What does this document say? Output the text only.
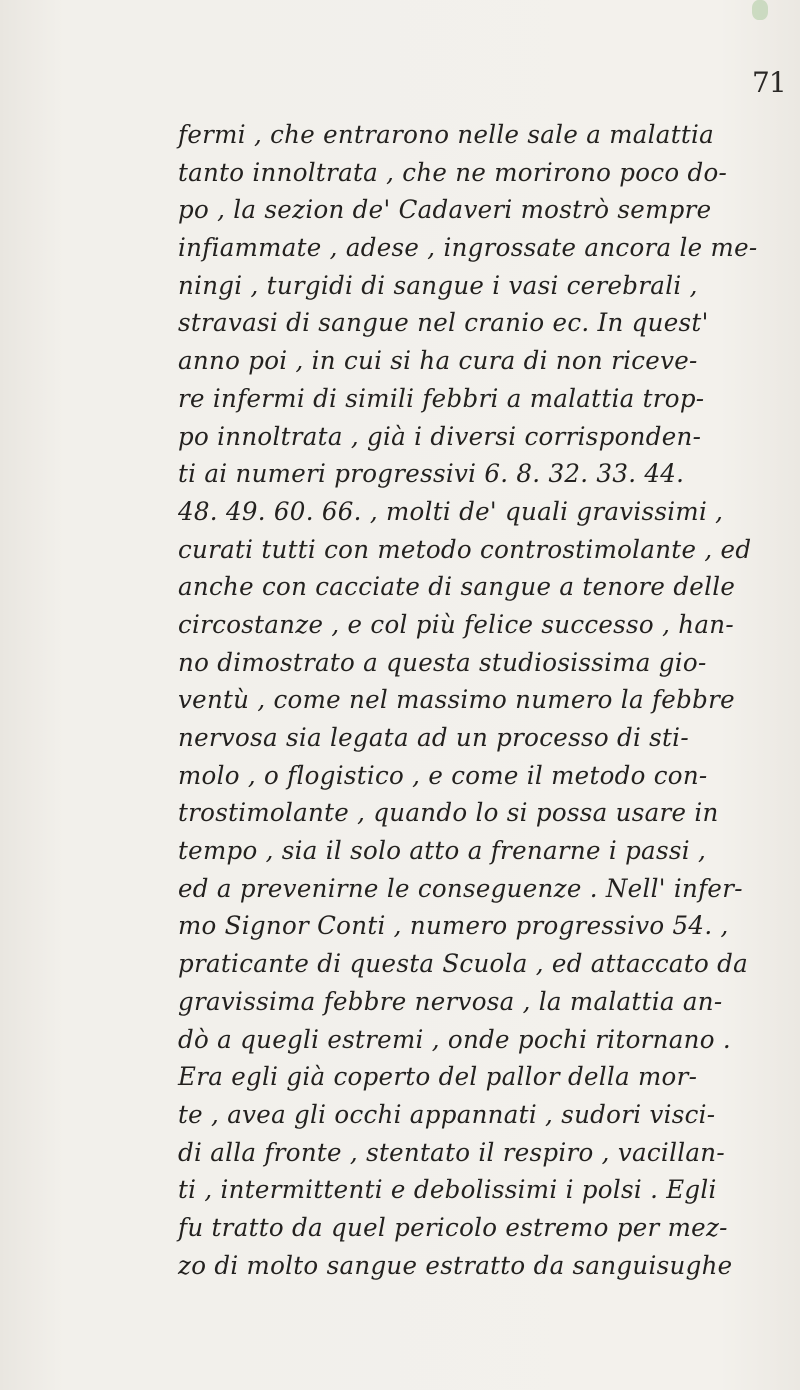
71
fermi , che entrarono nelle sale a malattia
tanto innoltrata , che ne morirono poco do-
po , la sezion de' Cadaveri mostrò sempre
infiammate , adese , ingrossate ancora le me-
ningi , turgidi di sangue i vasi cerebrali ,
stravasi di sangue nel cranio ec. In quest'
anno poi , in cui si ha cura di non riceve-
re infermi di simili febbri a malattia trop-
po innoltrata , già i diversi corrisponden-
ti ai numeri progressivi 6. 8. 32. 33. 44.
48. 49. 60. 66. , molti de' quali gravissimi ,
curati tutti con metodo controstimolante , ed
anche con cacciate di sangue a tenore delle
circostanze , e col più felice successo , han-
no dimostrato a questa studiosissima gio-
ventù , come nel massimo numero la febbre
nervosa sia legata ad un processo di sti-
molo , o flogistico , e come il metodo con-
trostimolante , quando lo si possa usare in
tempo , sia il solo atto a frenarne i passi ,
ed a prevenirne le conseguenze . Nell' infer-
mo Signor Conti , numero progressivo 54. ,
praticante di questa Scuola , ed attaccato da
gravissima febbre nervosa , la malattia an-
dò a quegli estremi , onde pochi ritornano .
Era egli già coperto del pallor della mor-
te , avea gli occhi appannati , sudori visci-
di alla fronte , stentato il respiro , vacillan-
ti , intermittenti e debolissimi i polsi . Egli
fu tratto da quel pericolo estremo per mez-
zo di molto sangue estratto da sanguisughe
